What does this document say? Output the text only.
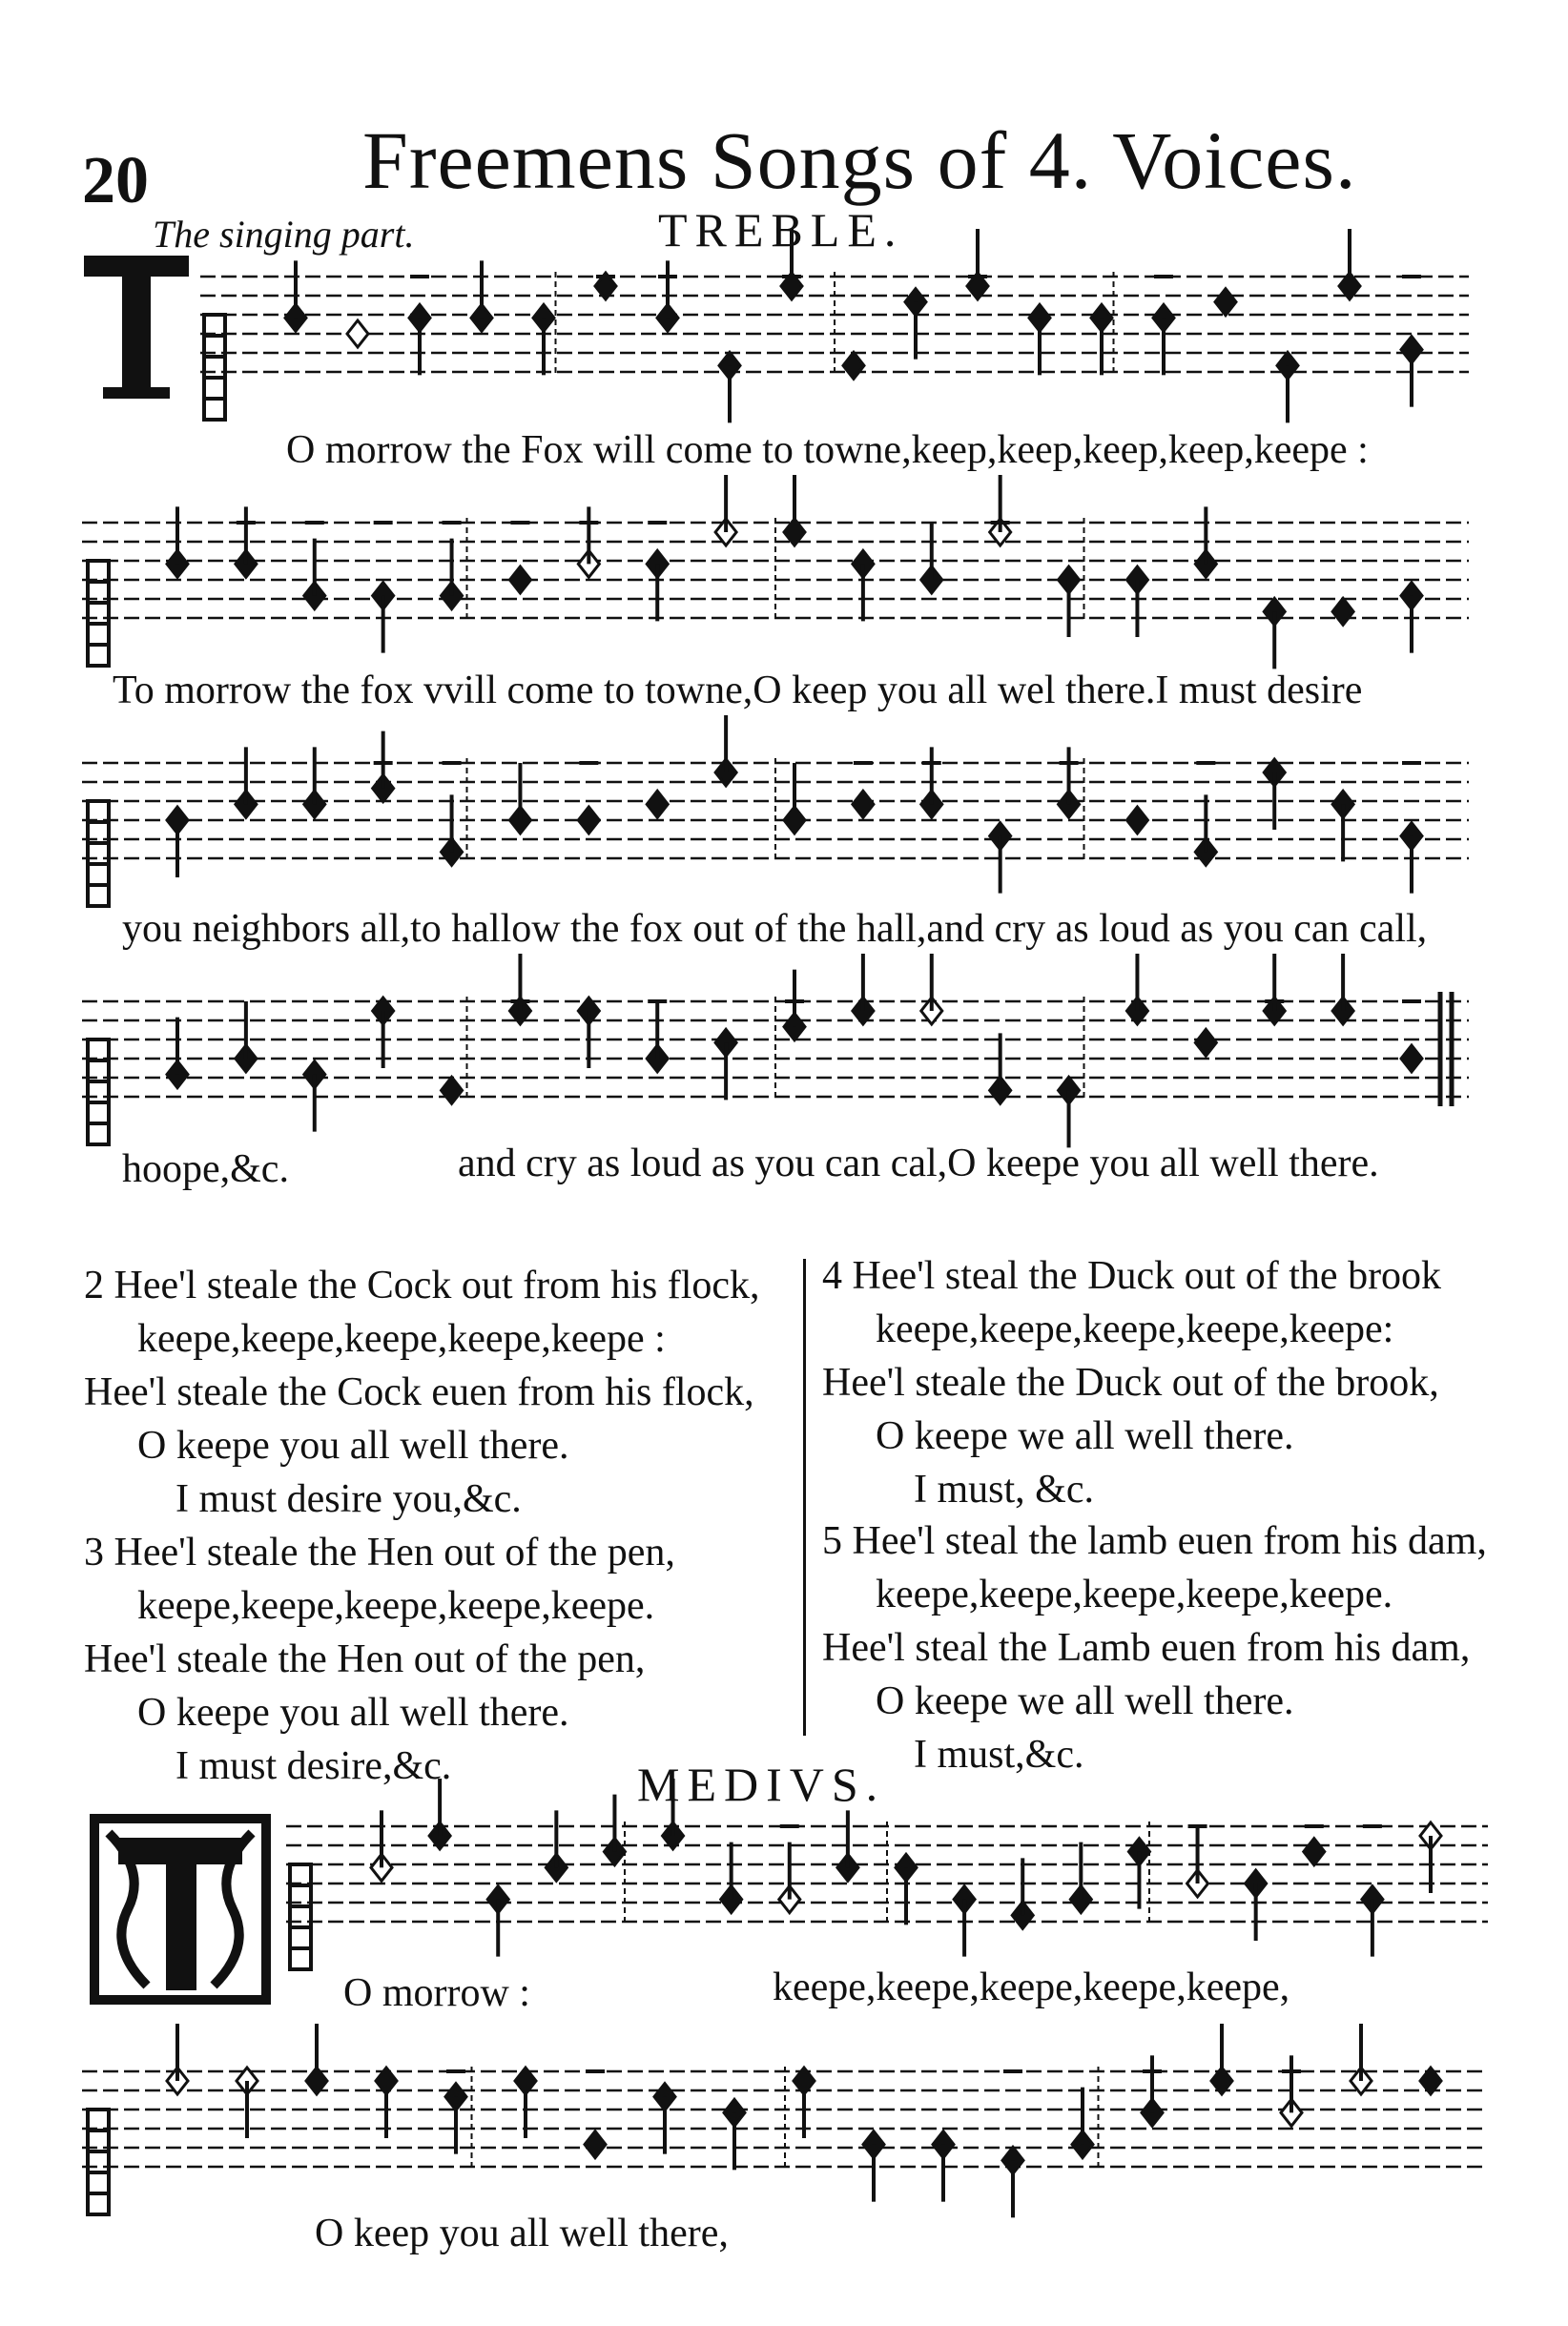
20	Freemens Songs of 4. Voices.
The singing part.	TREBLE.
O morrow the Fox will come to towne,keep,keep,keep,keep,keepe :
To morrow the fox vvill come to towne,O keep you all wel there.I must desire
you neighbors all,to hallow the fox out of the hall,and cry as loud as you can call,
hoope,&c.	and cry as loud as you can cal,O keepe you all well there.
2 Hee'l steale the Cock out from his flock,
keepe,keepe,keepe,keepe,keepe :
Hee'l steale the Cock euen from his flock,
O keepe you all well there.
I must desire you,&c.
3 Hee'l steale the Hen out of the pen,
keepe,keepe,keepe,keepe,keepe.
Hee'l steale the Hen out of the pen,
O keepe you all well there.
I must desire,&c.
4 Hee'l steal the Duck out of the brook
keepe,keepe,keepe,keepe,keepe:
Hee'l steale the Duck out of the brook,
O keepe we all well there.
I must, &c.
5 Hee'l steal the lamb euen from his dam,
keepe,keepe,keepe,keepe,keepe.
Hee'l steal the Lamb euen from his dam,
O keepe we all well there.
I must,&c.
MEDIVS.
O morrow :	keepe,keepe,keepe,keepe,keepe,
O keep you all well there,
